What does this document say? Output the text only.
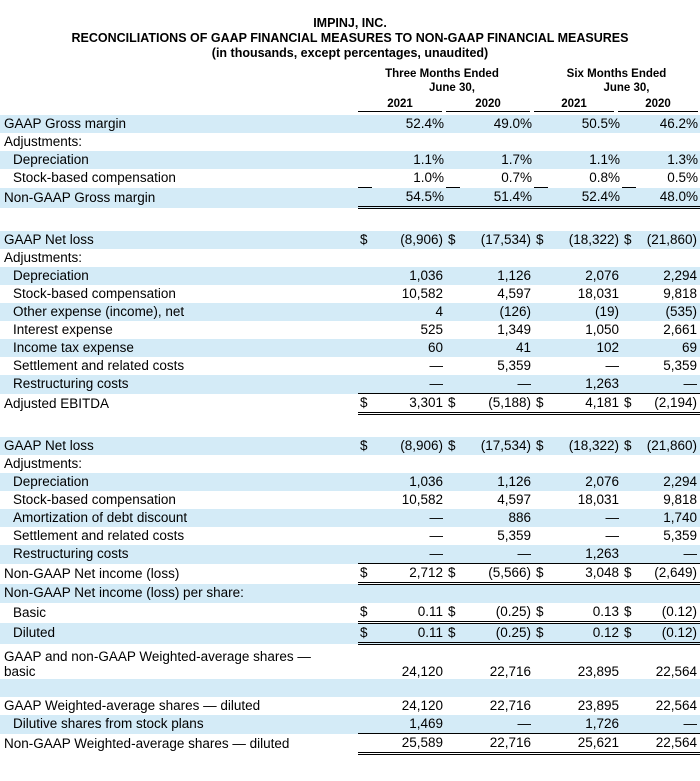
IMPINJ, INC.
RECONCILIATIONS OF GAAP FINANCIAL MEASURES TO NON-GAAP FINANCIAL MEASURES
(in thousands, except percentages, unaudited)
Three Months Ended
June 30,
Six Months Ended
June 30,
2021	2020	2021	2020
GAAP Gross margin		52.4%		49.0%		50.5%		46.2%
Adjustments:								
Depreciation		1.1%		1.7%		1.1%		1.3%
Stock-based compensation		1.0%		0.7%		0.8%		0.5%
Non-GAAP Gross margin		54.5%		51.4%		52.4%		48.0%

GAAP Net loss	$	(8,906)	$	(17,534)	$	(18,322)	$	(21,860)
Adjustments:								
Depreciation		1,036		1,126		2,076		2,294
Stock-based compensation		10,582		4,597		18,031		9,818
Other expense (income), net		4		(126)		(19)		(535)
Interest expense		525		1,349		1,050		2,661
Income tax expense		60		41		102		69
Settlement and related costs		—		5,359		—		5,359
Restructuring costs		—		—		1,263		—
Adjusted EBITDA	$	3,301	$	(5,188)	$	4,181	$	(2,194)

GAAP Net loss	$	(8,906)	$	(17,534)	$	(18,322)	$	(21,860)
Adjustments:								
Depreciation		1,036		1,126		2,076		2,294
Stock-based compensation		10,582		4,597		18,031		9,818
Amortization of debt discount		—		886		—		1,740
Settlement and related costs		—		5,359		—		5,359
Restructuring costs		—		—		1,263		—
Non-GAAP Net income (loss)	$	2,712	$	(5,566)	$	3,048	$	(2,649)
Non-GAAP Net income (loss) per share:								
Basic	$	0.11	$	(0.25)	$	0.13	$	(0.12)
Diluted	$	0.11	$	(0.25)	$	0.12	$	(0.12)

GAAP and non-GAAP Weighted-average shares —
basic		24,120		22,716		23,895		22,564

GAAP Weighted-average shares — diluted		24,120		22,716		23,895		22,564
Dilutive shares from stock plans		1,469		—		1,726		—
Non-GAAP Weighted-average shares — diluted		25,589		22,716		25,621		22,564
